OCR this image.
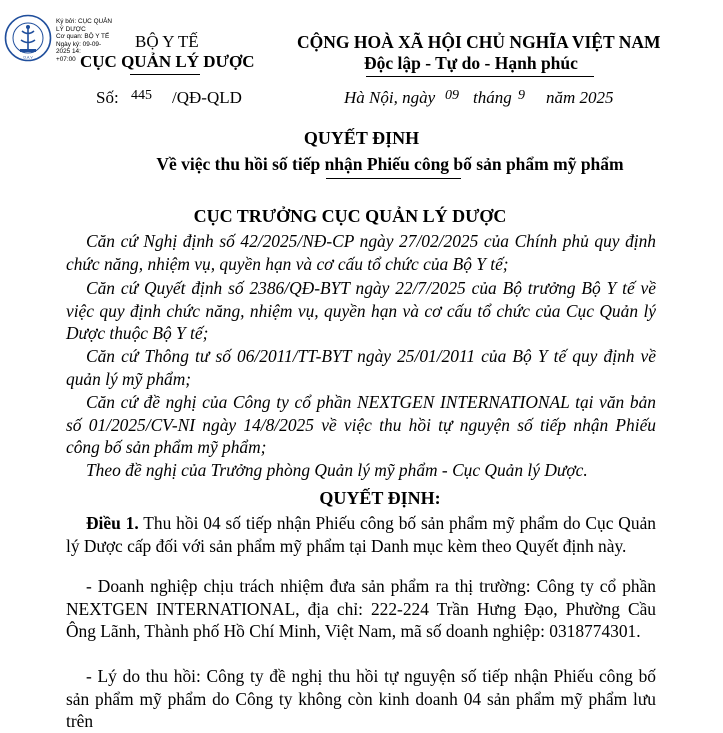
D.A.V
Ký bởi: CỤC QUẢN
LÝ DƯỢC
Cơ quan: BỘ Y TẾ
Ngày ký: 09-09-
2025 14:
+07:00
BỘ Y TẾ
CỤC QUẢN LÝ DƯỢC
Số: 445 /QĐ-QLD
CỘNG HOÀ XÃ HỘI CHỦ NGHĨA VIỆT NAM
Độc lập - Tự do - Hạnh phúc
Hà Nội, ngày 09 tháng 9 năm 2025
QUYẾT ĐỊNH
Về việc thu hồi số tiếp nhận Phiếu công bố sản phẩm mỹ phẩm
CỤC TRƯỞNG CỤC QUẢN LÝ DƯỢC
Căn cứ Nghị định số 42/2025/NĐ-CP ngày 27/02/2025 của Chính phủ quy định chức năng, nhiệm vụ, quyền hạn và cơ cấu tổ chức của Bộ Y tế;
Căn cứ Quyết định số 2386/QĐ-BYT ngày 22/7/2025 của Bộ trưởng Bộ Y tế về việc quy định chức năng, nhiệm vụ, quyền hạn và cơ cấu tổ chức của Cục Quản lý Dược thuộc Bộ Y tế;
Căn cứ Thông tư số 06/2011/TT-BYT ngày 25/01/2011 của Bộ Y tế quy định về quản lý mỹ phẩm;
Căn cứ đề nghị của Công ty cổ phần NEXTGEN INTERNATIONAL tại văn bản số 01/2025/CV-NI ngày 14/8/2025 về việc thu hồi tự nguyện số tiếp nhận Phiếu công bố sản phẩm mỹ phẩm;
Theo đề nghị của Trưởng phòng Quản lý mỹ phẩm - Cục Quản lý Dược.
QUYẾT ĐỊNH:
Điều 1. Thu hồi 04 số tiếp nhận Phiếu công bố sản phẩm mỹ phẩm do Cục Quản lý Dược cấp đối với sản phẩm mỹ phẩm tại Danh mục kèm theo Quyết định này.
- Doanh nghiệp chịu trách nhiệm đưa sản phẩm ra thị trường: Công ty cổ phần NEXTGEN INTERNATIONAL, địa chỉ: 222-224 Trần Hưng Đạo, Phường Cầu Ông Lãnh, Thành phố Hồ Chí Minh, Việt Nam, mã số doanh nghiệp: 0318774301.
- Lý do thu hồi: Công ty đề nghị thu hồi tự nguyện số tiếp nhận Phiếu công bố sản phẩm mỹ phẩm do Công ty không còn kinh doanh 04 sản phẩm mỹ phẩm lưu trên
